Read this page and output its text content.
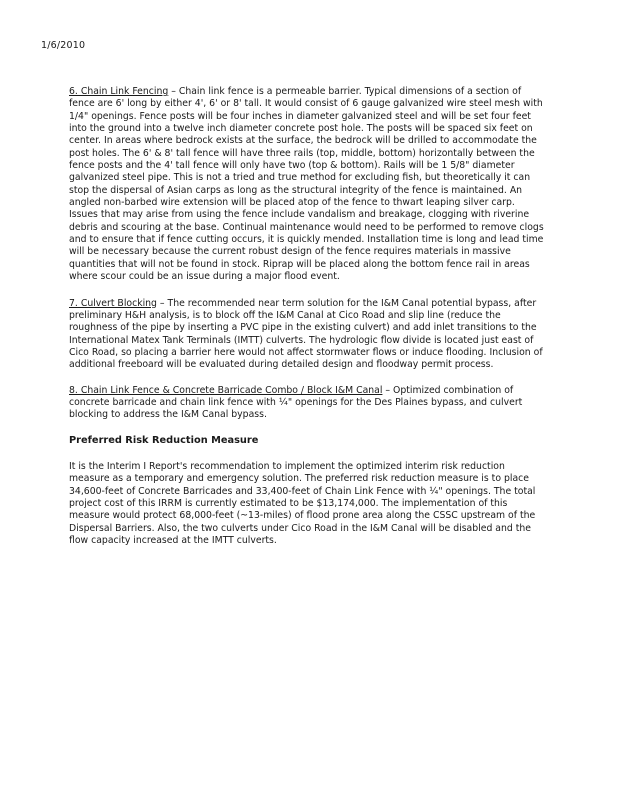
1/6/2010

6. Chain Link Fencing – Chain link fence is a permeable barrier. Typical dimensions of a section of fence are 6' long by either 4', 6' or 8' tall. It would consist of 6 gauge galvanized wire steel mesh with 1/4" openings. Fence posts will be four inches in diameter galvanized steel and will be set four feet into the ground into a twelve inch diameter concrete post hole. The posts will be spaced six feet on center. In areas where bedrock exists at the surface, the bedrock will be drilled to accommodate the post holes. The 6' & 8' tall fence will have three rails (top, middle, bottom) horizontally between the fence posts and the 4' tall fence will only have two (top & bottom). Rails will be 1 5/8" diameter galvanized steel pipe. This is not a tried and true method for excluding fish, but theoretically it can stop the dispersal of Asian carps as long as the structural integrity of the fence is maintained. An angled non-barbed wire extension will be placed atop of the fence to thwart leaping silver carp. Issues that may arise from using the fence include vandalism and breakage, clogging with riverine debris and scouring at the base. Continual maintenance would need to be performed to remove clogs and to ensure that if fence cutting occurs, it is quickly mended. Installation time is long and lead time will be necessary because the current robust design of the fence requires materials in massive quantities that will not be found in stock. Riprap will be placed along the bottom fence rail in areas where scour could be an issue during a major flood event.

7. Culvert Blocking – The recommended near term solution for the I&M Canal potential bypass, after preliminary H&H analysis, is to block off the I&M Canal at Cico Road and slip line (reduce the roughness of the pipe by inserting a PVC pipe in the existing culvert) and add inlet transitions to the International Matex Tank Terminals (IMTT) culverts. The hydrologic flow divide is located just east of Cico Road, so placing a barrier here would not affect stormwater flows or induce flooding. Inclusion of additional freeboard will be evaluated during detailed design and floodway permit process.

8. Chain Link Fence & Concrete Barricade Combo / Block I&M Canal – Optimized combination of concrete barricade and chain link fence with ¼" openings for the Des Plaines bypass, and culvert blocking to address the I&M Canal bypass.

Preferred Risk Reduction Measure

It is the Interim I Report's recommendation to implement the optimized interim risk reduction measure as a temporary and emergency solution. The preferred risk reduction measure is to place 34,600-feet of Concrete Barricades and 33,400-feet of Chain Link Fence with ¼" openings. The total project cost of this IRRM is currently estimated to be $13,174,000. The implementation of this measure would protect 68,000-feet (~13-miles) of flood prone area along the CSSC upstream of the Dispersal Barriers. Also, the two culverts under Cico Road in the I&M Canal will be disabled and the flow capacity increased at the IMTT culverts.
